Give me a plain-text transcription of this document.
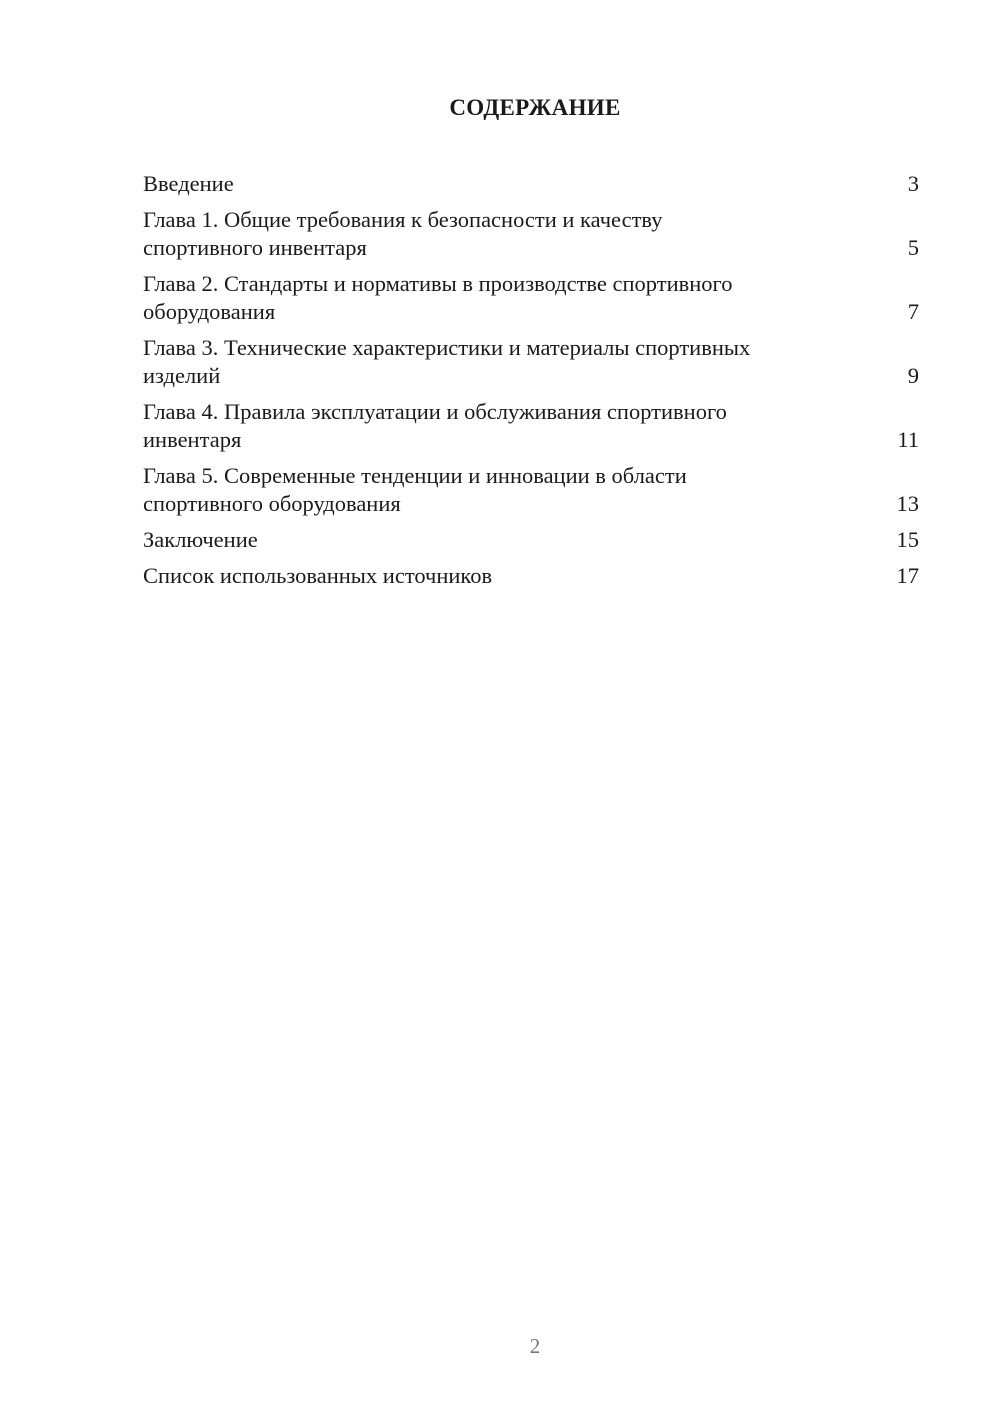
СОДЕРЖАНИЕ
Введение	3
Глава 1. Общие требования к безопасности и качеству
спортивного инвентаря	5
Глава 2. Стандарты и нормативы в производстве спортивного
оборудования	7
Глава 3. Технические характеристики и материалы спортивных
изделий	9
Глава 4. Правила эксплуатации и обслуживания спортивного
инвентаря	11
Глава 5. Современные тенденции и инновации в области
спортивного оборудования	13
Заключение	15
Список использованных источников	17
2
